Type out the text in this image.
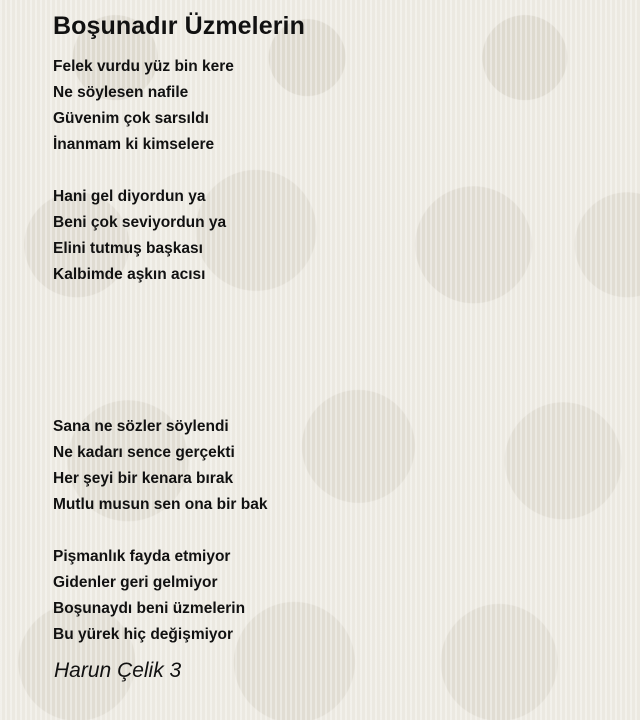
Boşunadır Üzmelerin
Felek vurdu yüz bin kere
Ne söylesen nafile
Güvenim çok sarsıldı
İnanmam ki kimselere
Hani gel diyordun ya
Beni çok seviyordun ya
Elini tutmuş başkası
Kalbimde aşkın acısı
Sana ne sözler söylendi
Ne kadarı sence gerçekti
Her şeyi bir kenara bırak
Mutlu musun sen ona bir bak
Pişmanlık fayda etmiyor
Gidenler geri gelmiyor
Boşunaydı beni üzmelerin
Bu yürek hiç değişmiyor
Harun Çelik 3
